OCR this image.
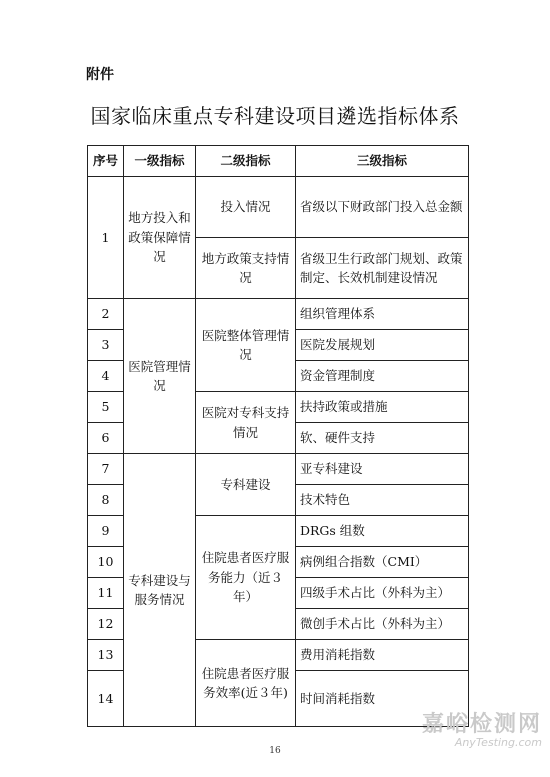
附件
国家临床重点专科建设项目遴选指标体系
序号	一级指标	二级指标	三级指标
1	地方投入和政策保障情况	投入情况	省级以下财政部门投入总金额
		地方政策支持情况	省级卫生行政部门规划、政策制定、长效机制建设情况
2	医院管理情况	医院整体管理情况	组织管理体系
3			医院发展规划
4			资金管理制度
5		医院对专科支持情况	扶持政策或措施
6			软、硬件支持
7	专科建设与服务情况	专科建设	亚专科建设
8			技术特色
9		住院患者医疗服务能力（近３年）	DRGs 组数
10			病例组合指数（CMI）
11			四级手术占比（外科为主）
12			微创手术占比（外科为主）
13		住院患者医疗服务效率(近３年)	费用消耗指数
14			时间消耗指数
16
嘉峪检测网
AnyTesting.com
